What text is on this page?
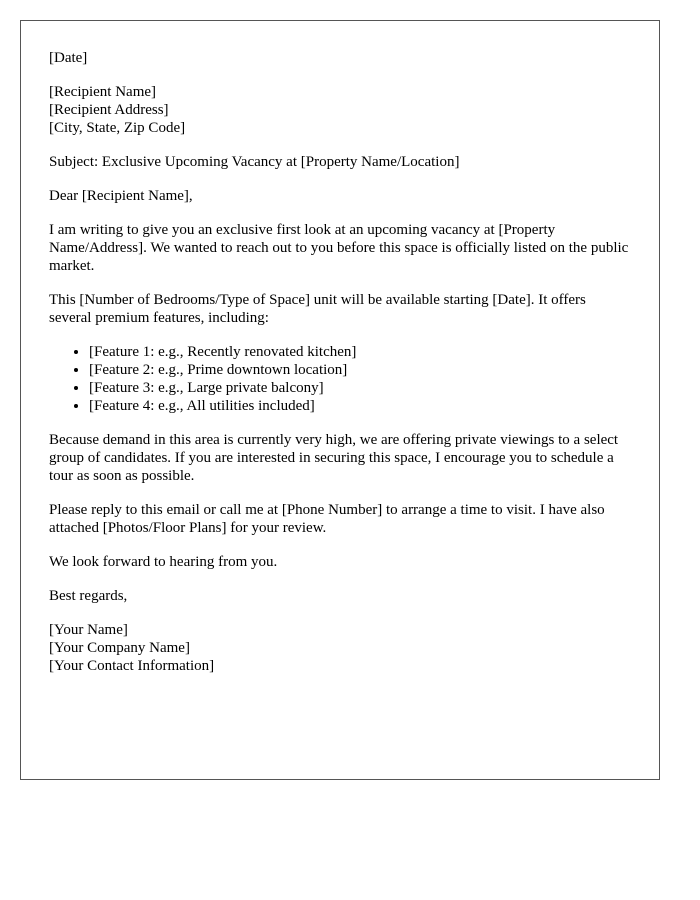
[Date]

[Recipient Name]
[Recipient Address]
[City, State, Zip Code]

Subject: Exclusive Upcoming Vacancy at [Property Name/Location]

Dear [Recipient Name],

I am writing to give you an exclusive first look at an upcoming vacancy at [Property Name/Address]. We wanted to reach out to you before this space is officially listed on the public market.

This [Number of Bedrooms/Type of Space] unit will be available starting [Date]. It offers several premium features, including:

• [Feature 1: e.g., Recently renovated kitchen]
• [Feature 2: e.g., Prime downtown location]
• [Feature 3: e.g., Large private balcony]
• [Feature 4: e.g., All utilities included]

Because demand in this area is currently very high, we are offering private viewings to a select group of candidates. If you are interested in securing this space, I encourage you to schedule a tour as soon as possible.

Please reply to this email or call me at [Phone Number] to arrange a time to visit. I have also attached [Photos/Floor Plans] for your review.

We look forward to hearing from you.

Best regards,

[Your Name]
[Your Company Name]
[Your Contact Information]
